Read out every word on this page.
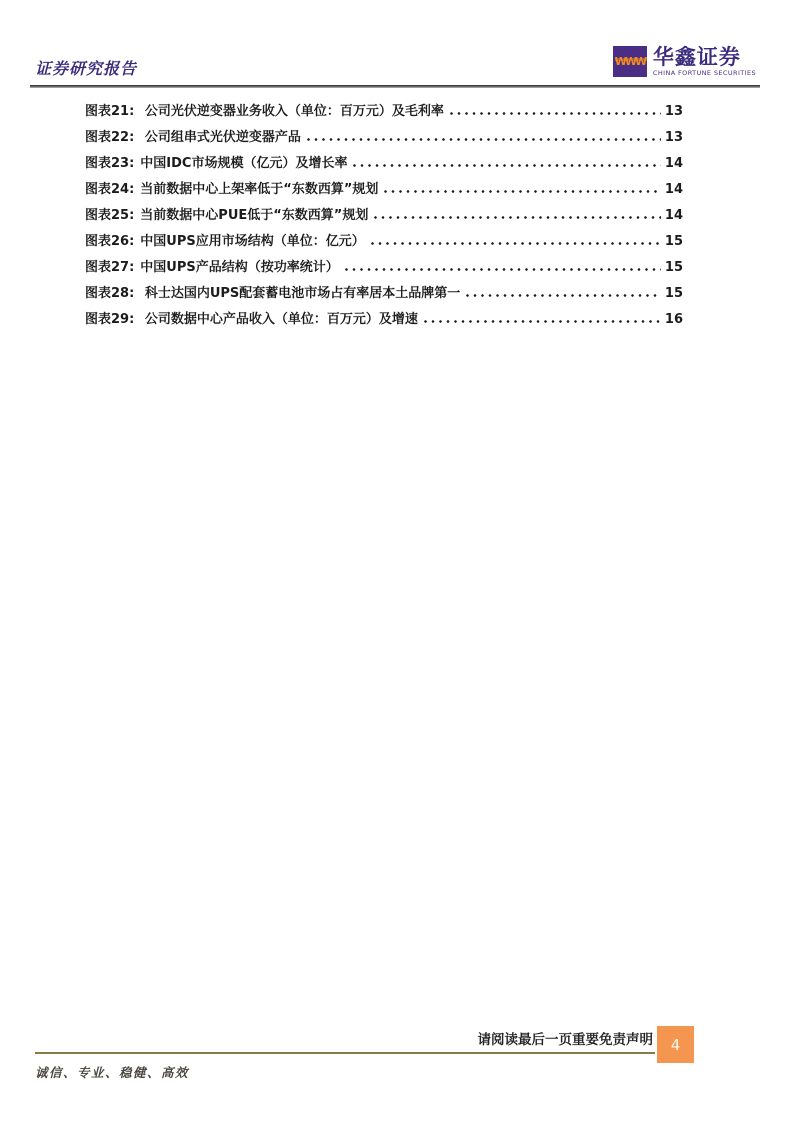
证券研究报告	₩₩₩ 华鑫证券
CHINA FORTUNE SECURITIES
图表21: 公司光伏逆变器业务收入（单位：百万元）及毛利率	13
图表22: 公司组串式光伏逆变器产品	13
图表23: 中国IDC市场规模（亿元）及增长率	14
图表24: 当前数据中心上架率低于“东数西算”规划	14
图表25: 当前数据中心PUE低于“东数西算”规划	14
图表26: 中国UPS应用市场结构（单位：亿元）	15
图表27: 中国UPS产品结构（按功率统计）	15
图表28: 科士达国内UPS配套蓄电池市场占有率居本土品牌第一	15
图表29: 公司数据中心产品收入（单位：百万元）及增速	16
请阅读最后一页重要免责声明	4
诚信、专业、稳健、高效
